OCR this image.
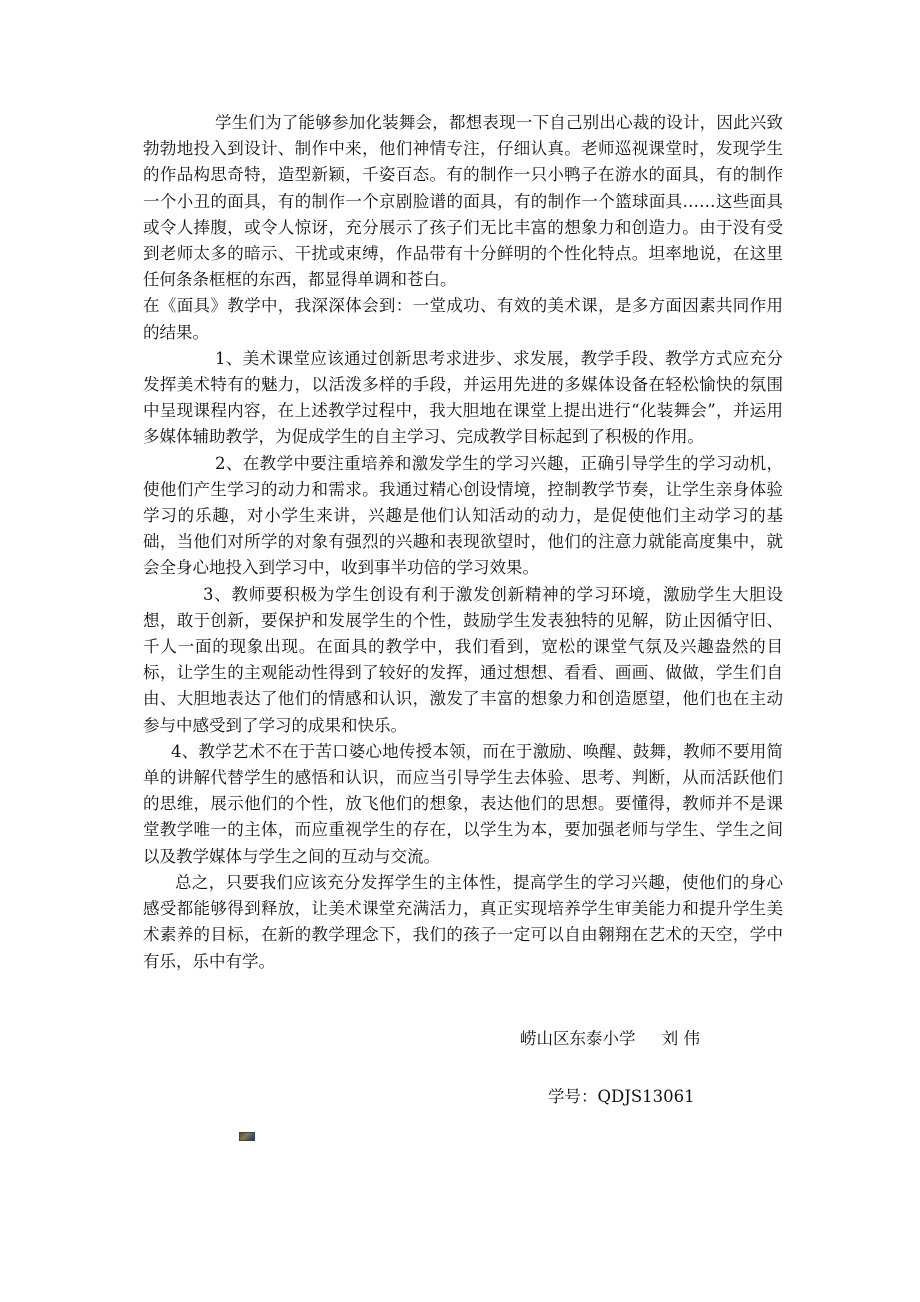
学生们为了能够参加化装舞会，都想表现一下自己别出心裁的设计，因此兴致勃勃地投入到设计、制作中来，他们神情专注，仔细认真。老师巡视课堂时，发现学生的作品构思奇特，造型新颖，千姿百态。有的制作一只小鸭子在游水的面具，有的制作一个小丑的面具，有的制作一个京剧脸谱的面具，有的制作一个篮球面具……这些面具或令人捧腹，或令人惊讶，充分展示了孩子们无比丰富的想象力和创造力。由于没有受到老师太多的暗示、干扰或束缚，作品带有十分鲜明的个性化特点。坦率地说，在这里任何条条框框的东西，都显得单调和苍白。

在《面具》教学中，我深深体会到：一堂成功、有效的美术课，是多方面因素共同作用的结果。

1、美术课堂应该通过创新思考求进步、求发展，教学手段、教学方式应充分发挥美术特有的魅力，以活泼多样的手段，并运用先进的多媒体设备在轻松愉快的氛围中呈现课程内容，在上述教学过程中，我大胆地在课堂上提出进行“化装舞会”，并运用多媒体辅助教学，为促成学生的自主学习、完成教学目标起到了积极的作用。

2、在教学中要注重培养和激发学生的学习兴趣，正确引导学生的学习动机，使他们产生学习的动力和需求。我通过精心创设情境，控制教学节奏，让学生亲身体验学习的乐趣，对小学生来讲，兴趣是他们认知活动的动力，是促使他们主动学习的基础，当他们对所学的对象有强烈的兴趣和表现欲望时，他们的注意力就能高度集中，就会全身心地投入到学习中，收到事半功倍的学习效果。

3、教师要积极为学生创设有利于激发创新精神的学习环境，激励学生大胆设想，敢于创新，要保护和发展学生的个性，鼓励学生发表独特的见解，防止因循守旧、千人一面的现象出现。在面具的教学中，我们看到，宽松的课堂气氛及兴趣盎然的目标，让学生的主观能动性得到了较好的发挥，通过想想、看看、画画、做做，学生们自由、大胆地表达了他们的情感和认识，激发了丰富的想象力和创造愿望，他们也在主动参与中感受到了学习的成果和快乐。

4、教学艺术不在于苦口婆心地传授本领，而在于激励、唤醒、鼓舞，教师不要用简单的讲解代替学生的感悟和认识，而应当引导学生去体验、思考、判断，从而活跃他们的思维，展示他们的个性，放飞他们的想象，表达他们的思想。要懂得，教师并不是课堂教学唯一的主体，而应重视学生的存在，以学生为本，要加强老师与学生、学生之间以及教学媒体与学生之间的互动与交流。

总之，只要我们应该充分发挥学生的主体性，提高学生的学习兴趣，使他们的身心感受都能够得到释放，让美术课堂充满活力，真正实现培养学生审美能力和提升学生美术素养的目标，在新的教学理念下，我们的孩子一定可以自由翱翔在艺术的天空，学中有乐，乐中有学。

崂山区东泰小学     刘 伟
学号：QDJS13061
